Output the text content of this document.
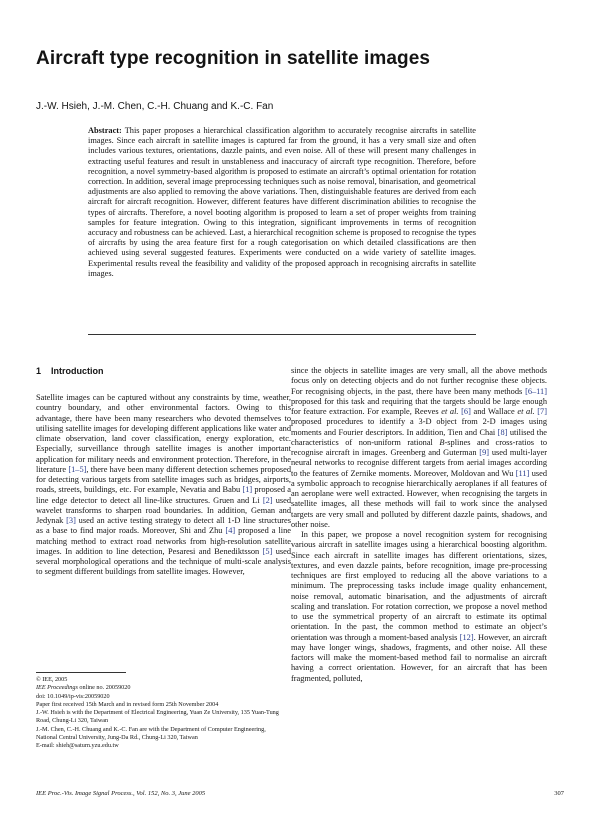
Aircraft type recognition in satellite images
J.-W. Hsieh, J.-M. Chen, C.-H. Chuang and K.-C. Fan

Abstract: This paper proposes a hierarchical classification algorithm to accurately recognise aircrafts in satellite images. Since each aircraft in satellite images is captured far from the ground, it has a very small size and often includes various textures, orientations, dazzle paints, and even noise. All of these will present many challenges in extracting useful features and result in unstableness and inaccuracy of aircraft type recognition. Therefore, before recognition, a novel symmetry-based algorithm is proposed to estimate an aircraft’s optimal orientation for rotation correction. In addition, several image preprocessing techniques such as noise removal, binarisation, and geometrical adjustments are also applied to removing the above variations. Then, distinguishable features are derived from each aircraft for aircraft recognition. However, different features have different discrimination abilities to recognise the types of aircrafts. Therefore, a novel booting algorithm is proposed to learn a set of proper weights from training samples for feature integration. Owing to this integration, significant improvements in terms of recognition accuracy and robustness can be achieved. Last, a hierarchical recognition scheme is proposed to recognise the types of aircrafts by using the area feature first for a rough categorisation on which detailed classifications are then achieved using several suggested features. Experiments were conducted on a wide variety of satellite images. Experimental results reveal the feasibility and validity of the proposed approach in recognising aircrafts in satellite images.

1 Introduction

Satellite images can be captured without any constraints by time, weather, country boundary, and other environmental factors. Owing to this advantage, there have been many researchers who devoted themselves to utilising satellite images for developing different applications like water and climate observation, land cover classification, energy exploration, etc. Especially, surveillance through satellite images is another important application for military needs and environment protection. Therefore, in the literature [1–5], there have been many different detection schemes proposed for detecting various targets from satellite images such as bridges, airports, roads, streets, buildings, etc. For example, Nevatia and Babu [1] proposed a line edge detector to detect all line-like structures. Gruen and Li [2] used wavelet transforms to sharpen road boundaries. In addition, Geman and Jedynak [3] used an active testing strategy to detect all 1-D line structures as a base to find major roads. Moreover, Shi and Zhu [4] proposed a line matching method to extract road networks from high-resolution satellite images. In addition to line detection, Pesaresi and Benediktsson [5] used several morphological operations and the technique of multi-scale analysis to segment different buildings from satellite images. However,

© IEE, 2005
IEE Proceedings online no. 20059020
doi: 10.1049/ip-vis:20059020
Paper first received 15th March and in revised form 25th November 2004
J.-W. Hsieh is with the Department of Electrical Engineering, Yuan Ze University, 135 Yuan-Tung Road, Chung-Li 320, Taiwan
J.-M. Chen, C.-H. Chuang and K.-C. Fan are with the Department of Computer Engineering, National Central University, Jung-Da Rd., Chung-Li 320, Taiwan
E-mail: shieh@saturn.yzu.edu.tw

since the objects in satellite images are very small, all the above methods focus only on detecting objects and do not further recognise these objects. For recognising objects, in the past, there have been many methods [6–11] proposed for this task and requiring that the targets should be large enough for feature extraction. For example, Reeves et al. [6] and Wallace et al. [7] proposed procedures to identify a 3-D object from 2-D images using moments and Fourier descriptors. In addition, Tien and Chai [8] utilised the characteristics of non-uniform rational B-splines and cross-ratios to recognise aircraft in images. Greenberg and Guterman [9] used multi-layer neural networks to recognise different targets from aerial images according to the features of Zernike moments. Moreover, Moldovan and Wu [11] used a symbolic approach to recognise hierarchically aeroplanes if all features of an aeroplane were well extracted. However, when recognising the targets in satellite images, all these methods will fail to work since the analysed targets are very small and polluted by different dazzle paints, shadows, and other noise.

In this paper, we propose a novel recognition system for recognising various aircraft in satellite images using a hierarchical boosting algorithm. Since each aircraft in satellite images has different orientations, sizes, textures, and even dazzle paints, before recognition, image pre-processing techniques are first employed to reducing all the above variations to a minimum. The preprocessing tasks include image quality enhancement, noise removal, automatic binarisation, and the adjustments of aircraft scaling and translation. For rotation correction, we propose a novel method to use the symmetrical property of an aircraft to estimate its optimal orientation. In the past, the common method to estimate an object’s orientation was through a moment-based analysis [12]. However, an aircraft may have longer wings, shadows, fragments, and other noise. All these factors will make the moment-based method fail to normalise an aircraft having a correct orientation. However, for an aircraft that has been fragmented, polluted,

IEE Proc.-Vis. Image Signal Process., Vol. 152, No. 3, June 2005	307
